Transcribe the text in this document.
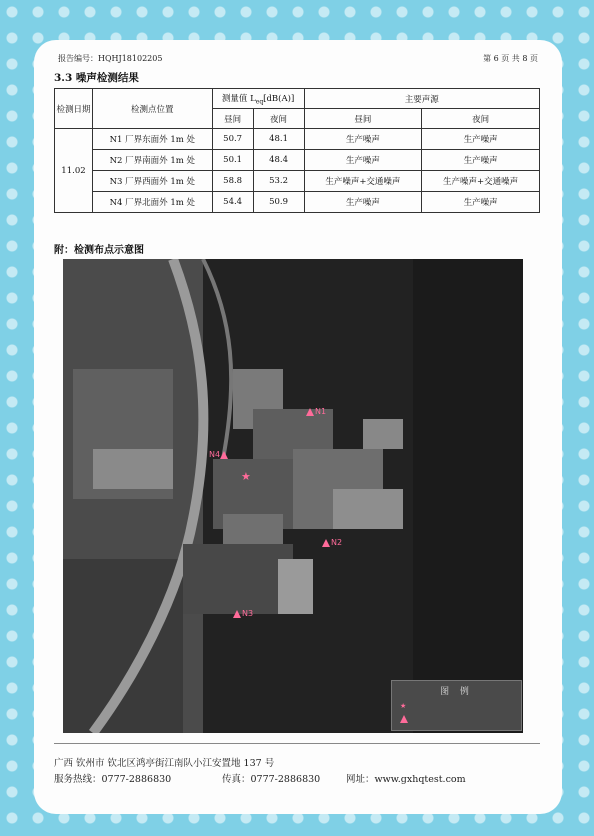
报告编号：HQHJ18102205	第 6 页 共 8 页
3.3 噪声检测结果
检测日期	检测点位置	测量值 $L_{eq}[dB(A)]$		主要声源	
		昼间	夜间	昼间	夜间
11.02	N1 厂界东面外 1m 处	50.7	48.1	生产噪声	生产噪声
	N2 厂界南面外 1m 处	50.1	48.4	生产噪声	生产噪声
	N3 厂界西面外 1m 处	58.8	53.2	生产噪声+交通噪声	生产噪声+交通噪声
	N4 厂界北面外 1m 处	54.4	50.9	生产噪声	生产噪声
附：检测布点示意图
N1
N2
N3
N4
★
图 例
★
广西 钦州市 钦北区鸿亭街江南队小江安置地 137 号
服务热线：0777-2886830	传真：0777-2886830	网址：www.gxhqtest.com
